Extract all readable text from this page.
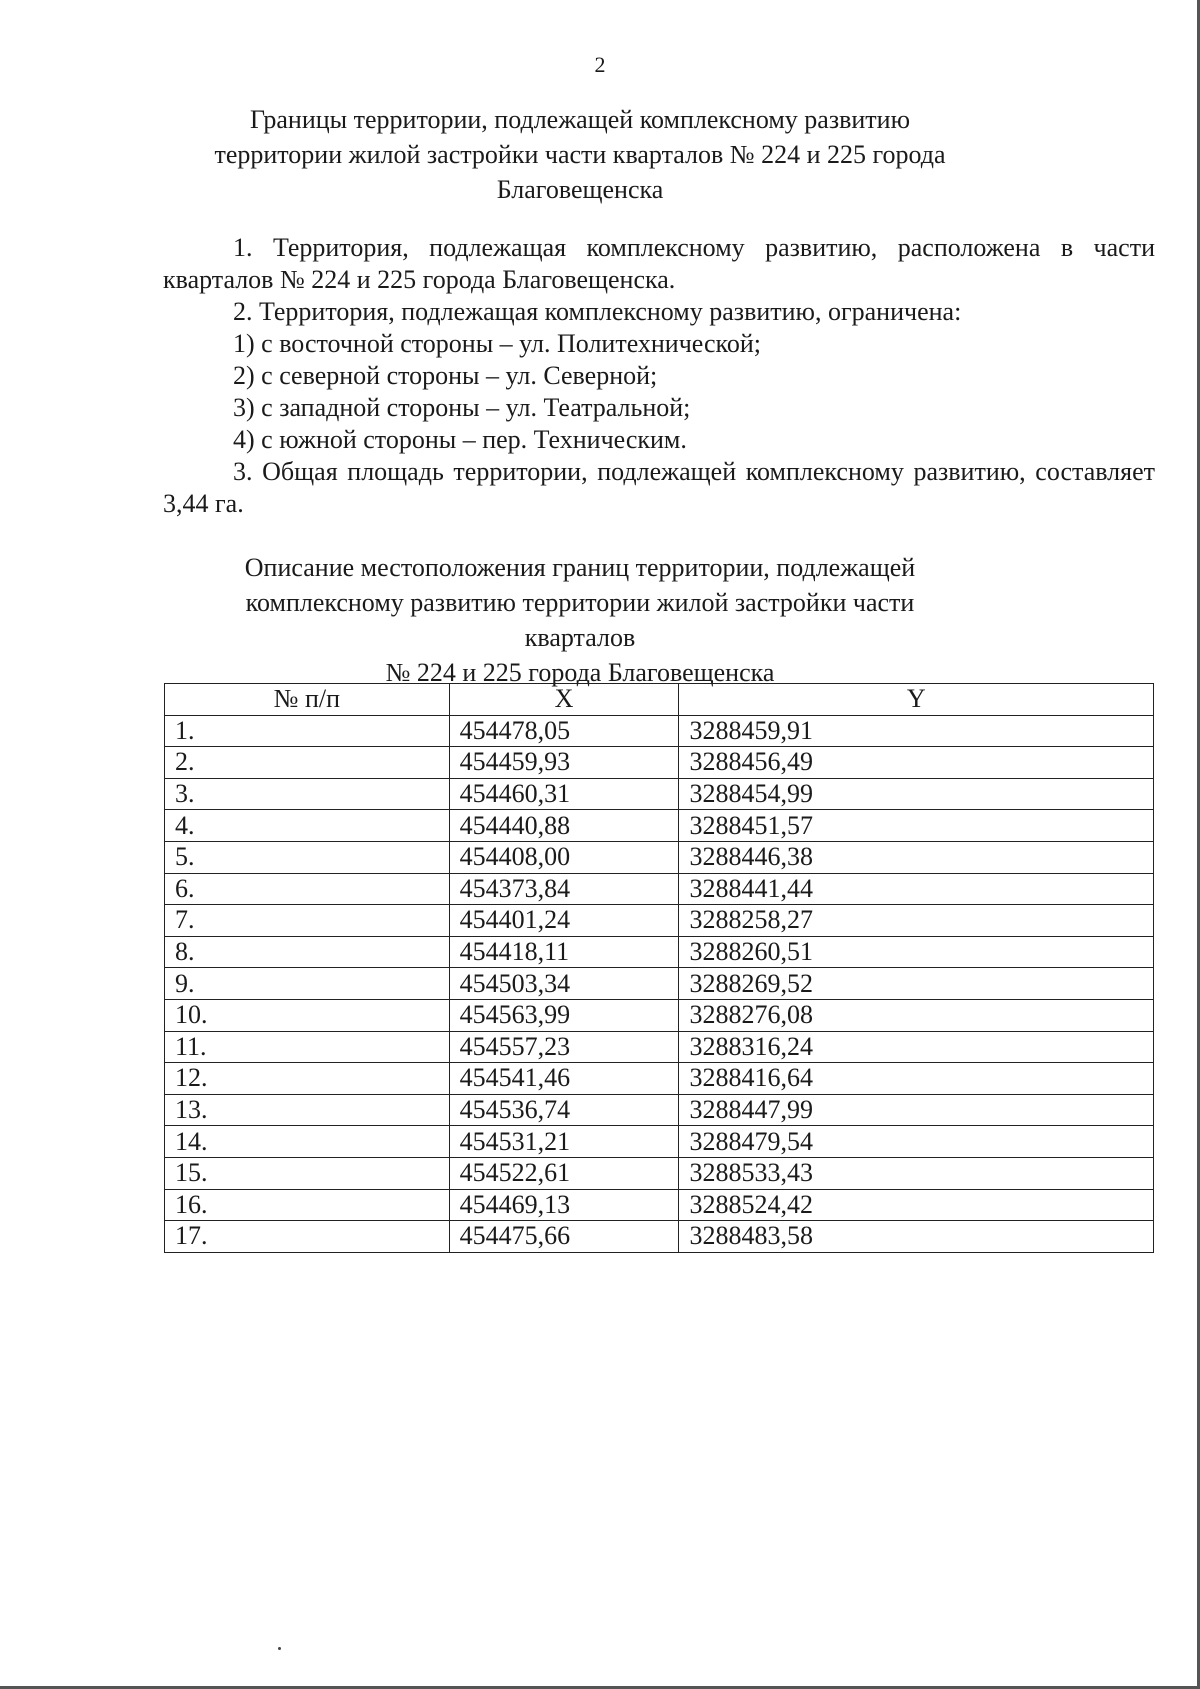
2
Границы территории, подлежащей комплексному развитию
территории жилой застройки части кварталов № 224 и 225 города
Благовещенска

1. Территория, подлежащая комплексному развитию, расположена в части кварталов № 224 и 225 города Благовещенска.

2. Территория, подлежащая комплексному развитию, ограничена:

1) с восточной стороны – ул. Политехнической;

2) с северной стороны – ул. Северной;

3) с западной стороны – ул. Театральной;

4) с южной стороны – пер. Техническим.

3. Общая площадь территории, подлежащей комплексному развитию, составляет 3,44 га.

Описание местоположения границ территории, подлежащей
комплексному развитию территории жилой застройки части кварталов
№ 224 и 225 города Благовещенска
№ п/п	X	Y
1.	454478,05	3288459,91
2.	454459,93	3288456,49
3.	454460,31	3288454,99
4.	454440,88	3288451,57
5.	454408,00	3288446,38
6.	454373,84	3288441,44
7.	454401,24	3288258,27
8.	454418,11	3288260,51
9.	454503,34	3288269,52
10.	454563,99	3288276,08
11.	454557,23	3288316,24
12.	454541,46	3288416,64
13.	454536,74	3288447,99
14.	454531,21	3288479,54
15.	454522,61	3288533,43
16.	454469,13	3288524,42
17.	454475,66	3288483,58
